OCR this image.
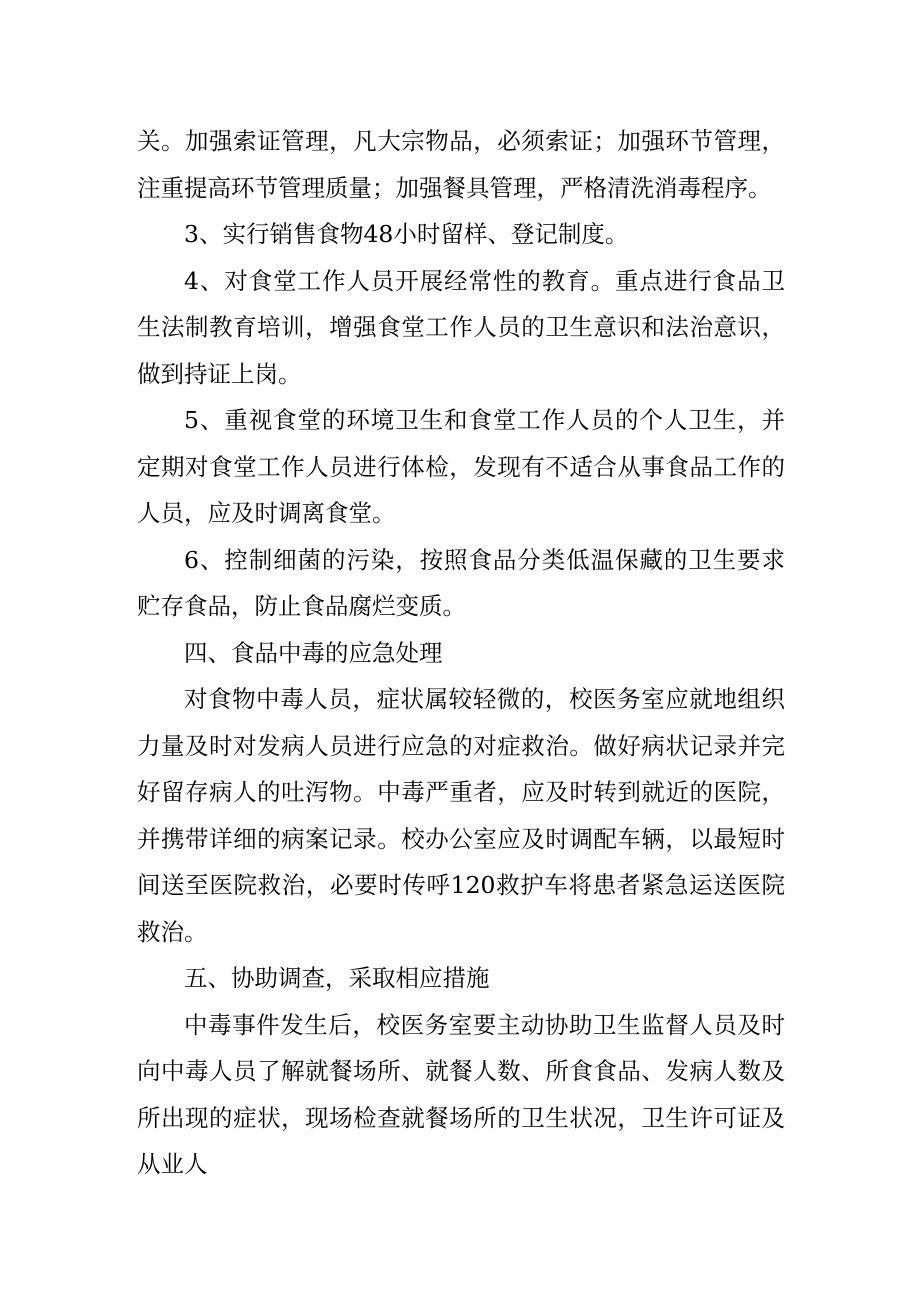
关。加强索证管理，凡大宗物品，必须索证；加强环节管理，注重提高环节管理质量；加强餐具管理，严格清洗消毒程序。

3、实行销售食物48小时留样、登记制度。

4、对食堂工作人员开展经常性的教育。重点进行食品卫生法制教育培训，增强食堂工作人员的卫生意识和法治意识，做到持证上岗。

5、重视食堂的环境卫生和食堂工作人员的个人卫生，并定期对食堂工作人员进行体检，发现有不适合从事食品工作的人员，应及时调离食堂。

6、控制细菌的污染，按照食品分类低温保藏的卫生要求贮存食品，防止食品腐烂变质。

四、食品中毒的应急处理

对食物中毒人员，症状属较轻微的，校医务室应就地组织力量及时对发病人员进行应急的对症救治。做好病状记录并完好留存病人的吐泻物。中毒严重者，应及时转到就近的医院，并携带详细的病案记录。校办公室应及时调配车辆，以最短时间送至医院救治，必要时传呼120救护车将患者紧急运送医院救治。

五、协助调查，采取相应措施

中毒事件发生后，校医务室要主动协助卫生监督人员及时向中毒人员了解就餐场所、就餐人数、所食食品、发病人数及所出现的症状，现场检查就餐场所的卫生状况，卫生许可证及从业人
